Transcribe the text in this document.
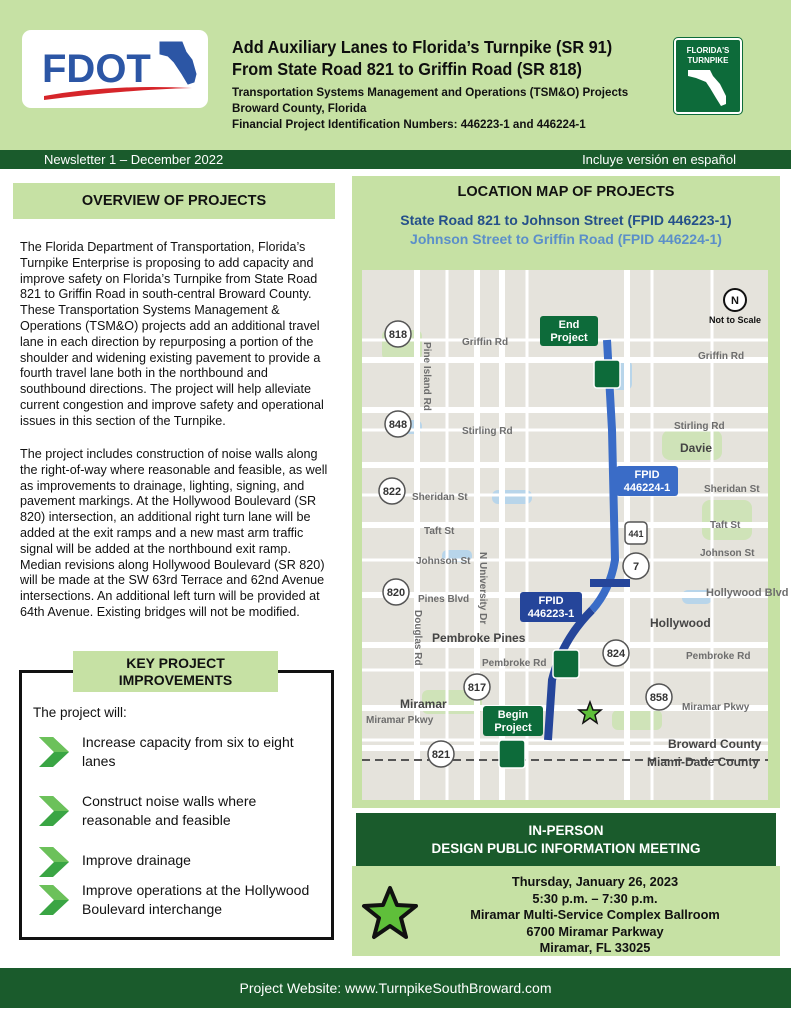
FDOT	Add Auxiliary Lanes to Florida’s Turnpike (SR 91)
From State Road 821 to Griffin Road (SR 818)
Transportation Systems Management and Operations (TSM&O) Projects
Broward County, Florida
Financial Project Identification Numbers: 446223-1 and 446224-1
FLORIDA'S
TURNPIKE
Newsletter 1 – December 2022	Incluye versión en español
OVERVIEW OF PROJECTS
The Florida Department of Transportation, Florida’s
Turnpike Enterprise is proposing to add capacity and
improve safety on Florida’s Turnpike from State Road
821 to Griffin Road in south-central Broward County.
These Transportation Systems Management &
Operations (TSM&O) projects add an additional travel
lane in each direction by repurposing a portion of the
shoulder and widening existing pavement to provide a
fourth travel lane both in the northbound and
southbound directions. The project will help alleviate
current congestion and improve safety and operational
issues in this section of the Turnpike.
The project includes construction of noise walls along
the right-of-way where reasonable and feasible, as well
as improvements to drainage, lighting, signing, and
pavement markings. At the Hollywood Boulevard (SR
820) intersection, an additional right turn lane will be
added at the exit ramps and a new mast arm traffic
signal will be added at the northbound exit ramp.
Median revisions along Hollywood Boulevard (SR 820)
will be made at the SW 63rd Terrace and 62nd Avenue
intersections. An additional left turn will be provided at
64th Avenue. Existing bridges will not be modified.
KEY PROJECT
IMPROVEMENTS
The project will:
Increase capacity from six to eight lanes
Construct noise walls where reasonable and feasible
Improve drainage
Improve operations at the Hollywood Boulevard interchange
LOCATION MAP OF PROJECTS
State Road 821 to Johnson Street (FPID 446223-1)
Johnson Street to Griffin Road (FPID 446224-1)
Griffin Rd
Griffin Rd
Stirling Rd	Stirling Rd
Sheridan St
Sheridan St
Taft St
Taft St
Johnson St
Johnson St
Pines Blvd
Hollywood Blvd
Pembroke Rd
Pembroke Rd
Miramar Pkwy
Miramar Pkwy
Pine Island Rd
N University Dr
Douglas Rd
Davie
Hollywood
Pembroke Pines
Miramar
Broward County
Miami-Dade County
818
848
822
820
817
821
441
7
824
858
End
Project
Begin
Project
FPID
446224-1
FPID
446223-1
N
Not to Scale
IN-PERSON
DESIGN PUBLIC INFORMATION MEETING
Thursday, January 26, 2023
5:30 p.m. – 7:30 p.m.
Miramar Multi-Service Complex Ballroom
6700 Miramar Parkway
Miramar, FL 33025
Project Website: www.TurnpikeSouthBroward.com
